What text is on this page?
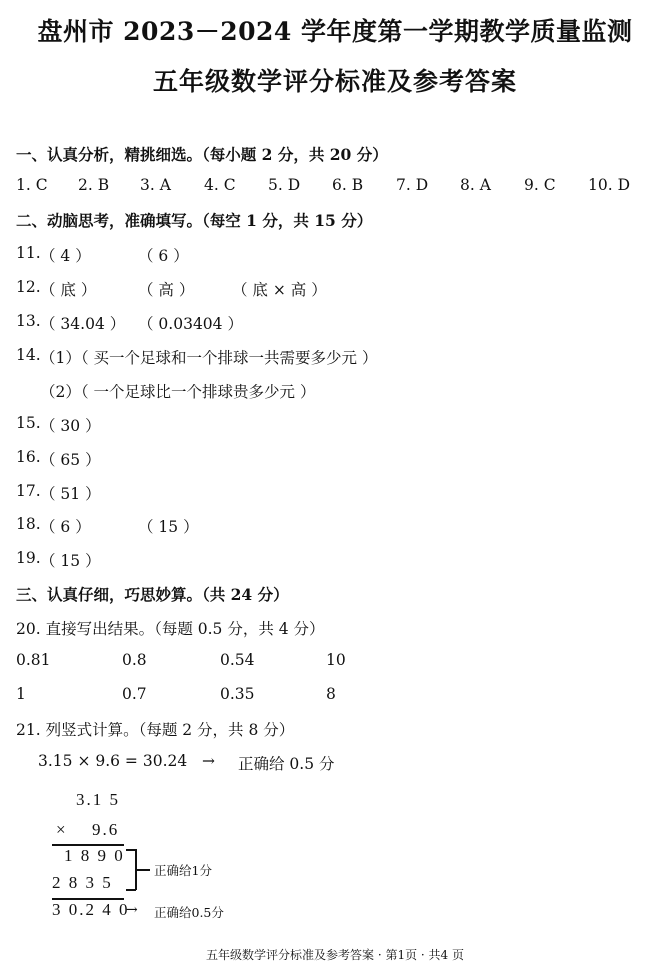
盘州市 2023－2024 学年度第一学期教学质量监测
五年级数学评分标准及参考答案
一、认真分析，精挑细选。（每小题 2 分，共 20 分）
1. C 2. B 3. A 4. C 5. D 6. B 7. D 8. A 9. C 10. D
二、动脑思考，准确填写。（每空 1 分，共 15 分）
11. （ 4 ）	（ 6 ）
12. （ 底 ）	（ 高 ） （ 底 × 高 ）
13. （ 34.04 ） （ 0.03404 ）
14. （1）（ 买一个足球和一个排球一共需要多少元 ）
（2）（ 一个足球比一个排球贵多少元 ）
15. （ 30 ）
16. （ 65 ）
17. （ 51 ）
18. （ 6 ）	（ 15 ）
19. （ 15 ）
三、认真仔细，巧思妙算。（共 24 分）
20. 直接写出结果。（每题 0.5 分，共 4 分）
0.81	0.8	0.54	10
1	0.7	0.35	8
21. 列竖式计算。（每题 2 分，共 8 分）
3.15 × 9.6 = 30.24 → 正确给 0.5 分
3.1 5
× 9.6
1 8 9 0
2 8 3 5
3 0.2 4 0
正确给1分
→ 正确给0.5分
五年级数学评分标准及参考答案 · 第1页 · 共4 页
